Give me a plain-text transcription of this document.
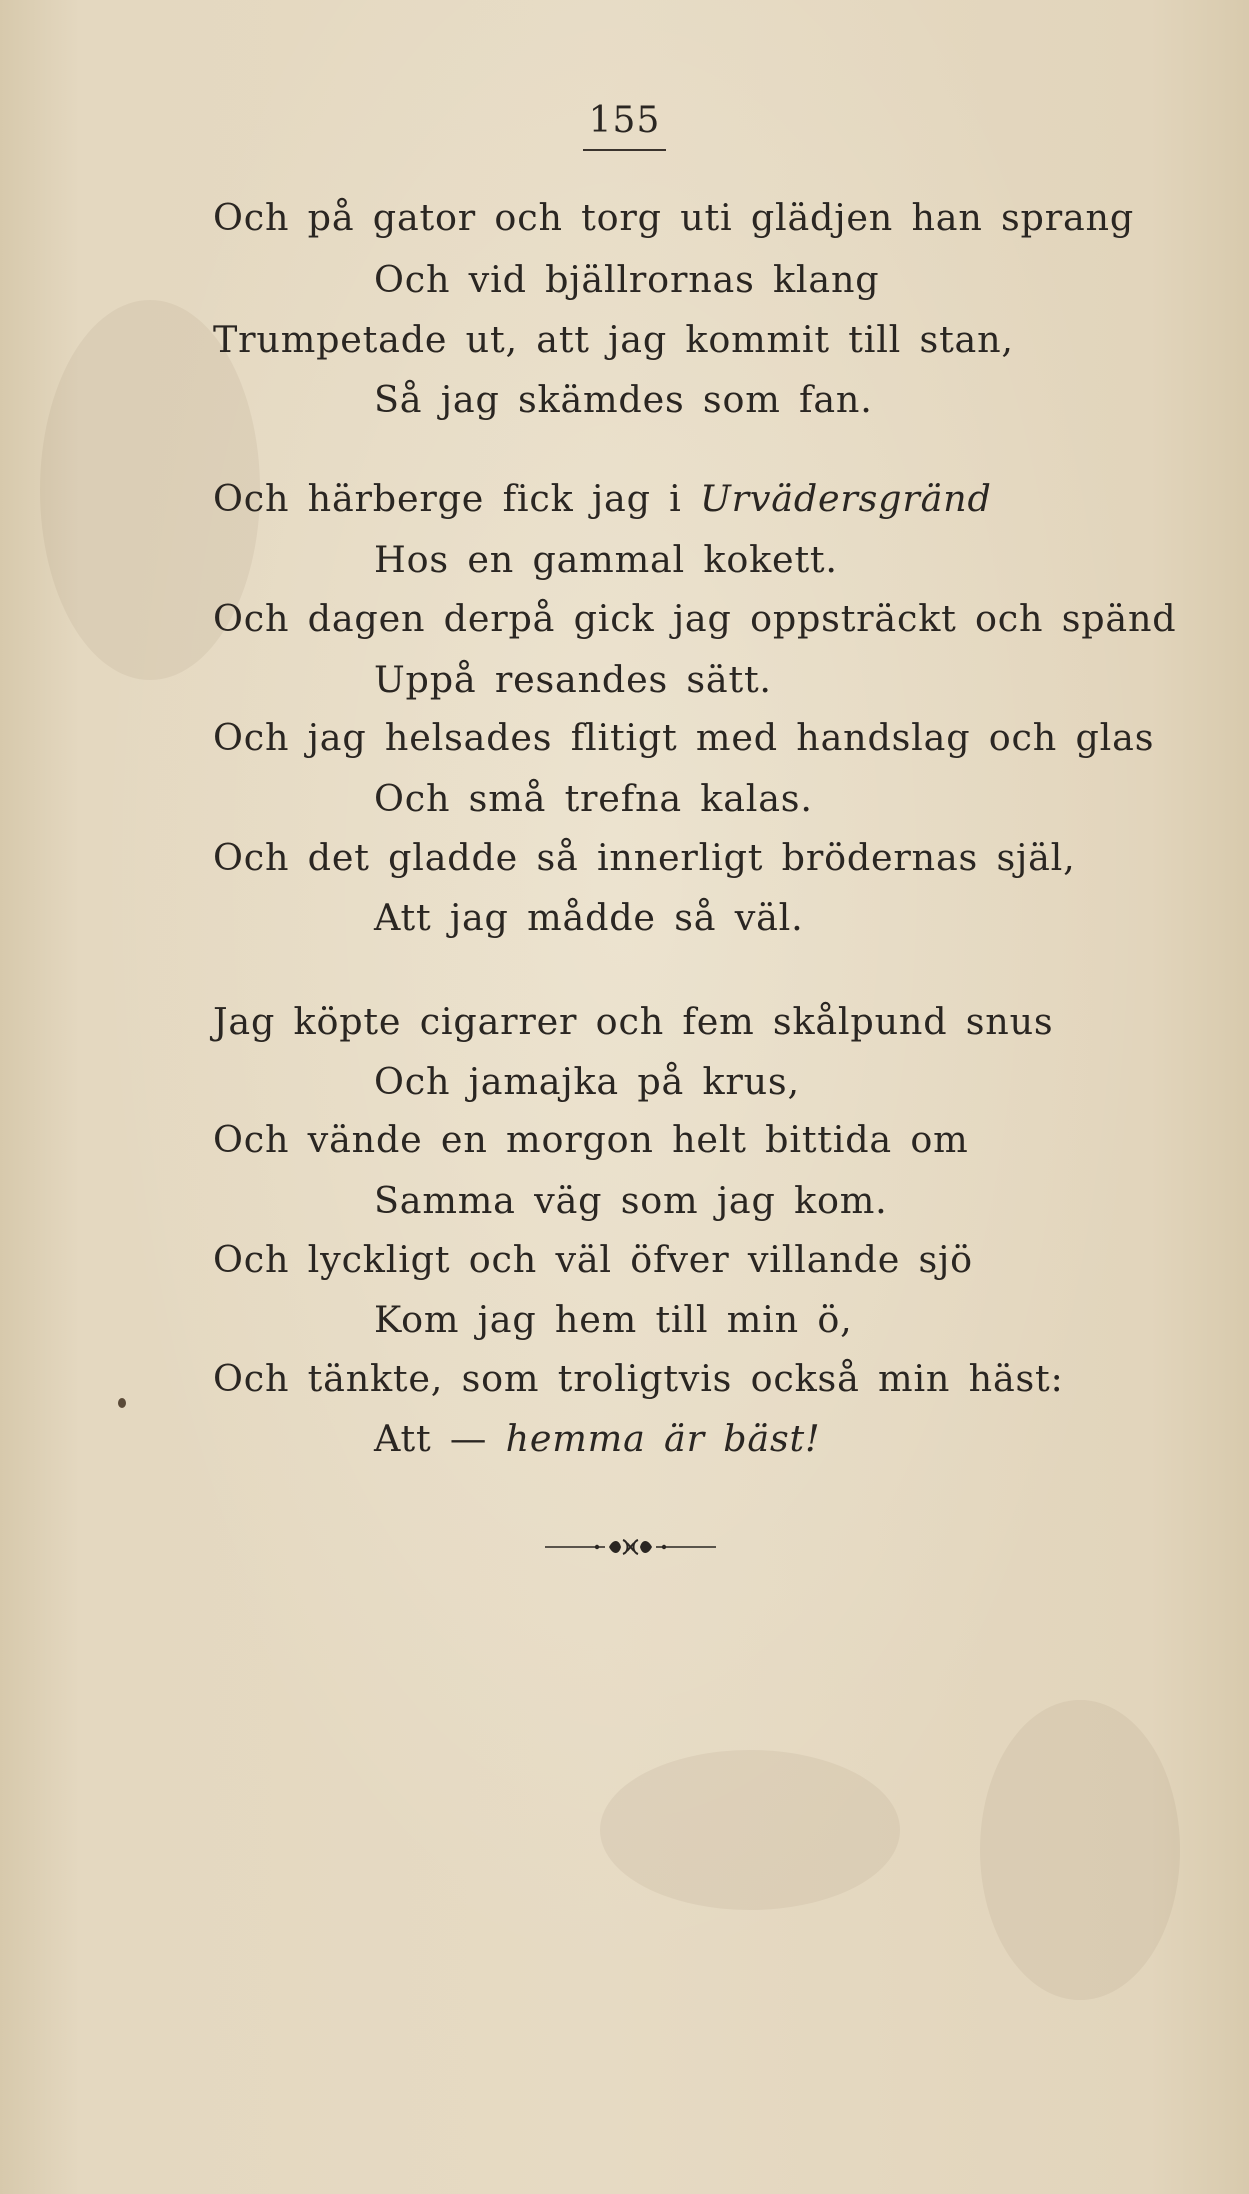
155
Och på gator och torg uti glädjen han sprang
Och vid bjällrornas klang
Trumpetade ut, att jag kommit till stan,
Så jag skämdes som fan.
Och härberge fick jag i Urvädersgränd
Hos en gammal kokett.
Och dagen derpå gick jag oppsträckt och spänd
Uppå resandes sätt.
Och jag helsades flitigt med handslag och glas
Och små trefna kalas.
Och det gladde så innerligt brödernas själ,
Att jag mådde så väl.
Jag köpte cigarrer och fem skålpund snus
Och jamajka på krus,
Och vände en morgon helt bittida om
Samma väg som jag kom.
Och lyckligt och väl öfver villande sjö
Kom jag hem till min ö,
Och tänkte, som troligtvis också min häst:
Att — hemma är bäst!
